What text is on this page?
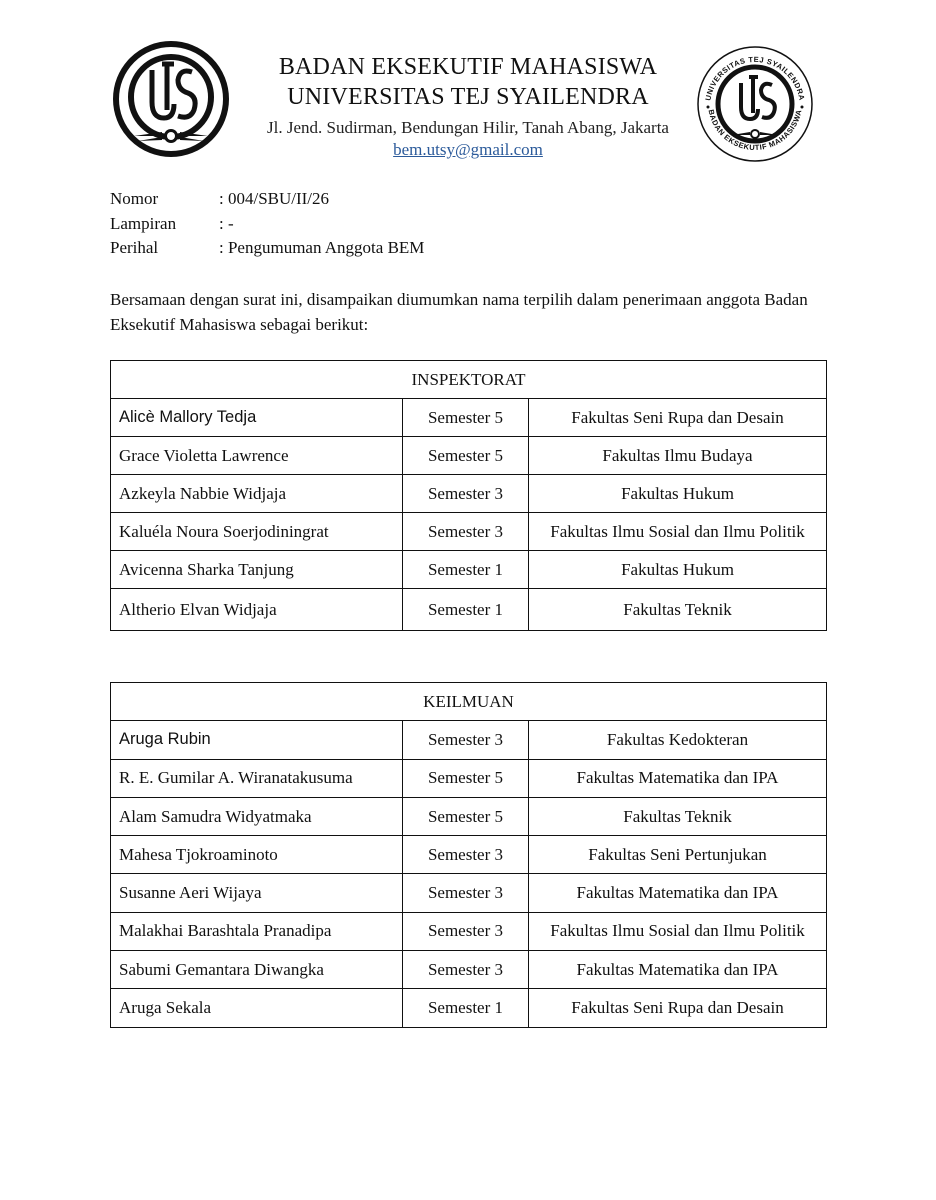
BADAN EKSEKUTIF MAHASISWA
UNIVERSITAS TEJ SYAILENDRA
Jl. Jend. Sudirman, Bendungan Hilir, Tanah Abang, Jakarta
bem.utsy@gmail.com
UNIVERSITAS TEJ SYAILENDRA
BADAN EKSEKUTIF MAHASISWA
Nomor	: 004/SBU/II/26
Lampiran	: -
Perihal	: Pengumuman Anggota BEM
Bersamaan dengan surat ini, disampaikan diumumkan nama terpilih dalam penerimaan anggota Badan Eksekutif Mahasiswa sebagai berikut:
INSPEKTORAT		
Alicè Mallory Tedja	Semester 5	Fakultas Seni Rupa dan Desain
Grace Violetta Lawrence	Semester 5	Fakultas Ilmu Budaya
Azkeyla Nabbie Widjaja	Semester 3	Fakultas Hukum
Kaluéla Noura Soerjodiningrat	Semester 3	Fakultas Ilmu Sosial dan Ilmu Politik
Avicenna Sharka Tanjung	Semester 1	Fakultas Hukum
Altherio Elvan Widjaja	Semester 1	Fakultas Teknik
KEILMUAN		
Aruga Rubin	Semester 3	Fakultas Kedokteran
R. E. Gumilar A. Wiranatakusuma	Semester 5	Fakultas Matematika dan IPA
Alam Samudra Widyatmaka	Semester 5	Fakultas Teknik
Mahesa Tjokroaminoto	Semester 3	Fakultas Seni Pertunjukan
Susanne Aeri Wijaya	Semester 3	Fakultas Matematika dan IPA
Malakhai Barashtala Pranadipa	Semester 3	Fakultas Ilmu Sosial dan Ilmu Politik
Sabumi Gemantara Diwangka	Semester 3	Fakultas Matematika dan IPA
Aruga Sekala	Semester 1	Fakultas Seni Rupa dan Desain
